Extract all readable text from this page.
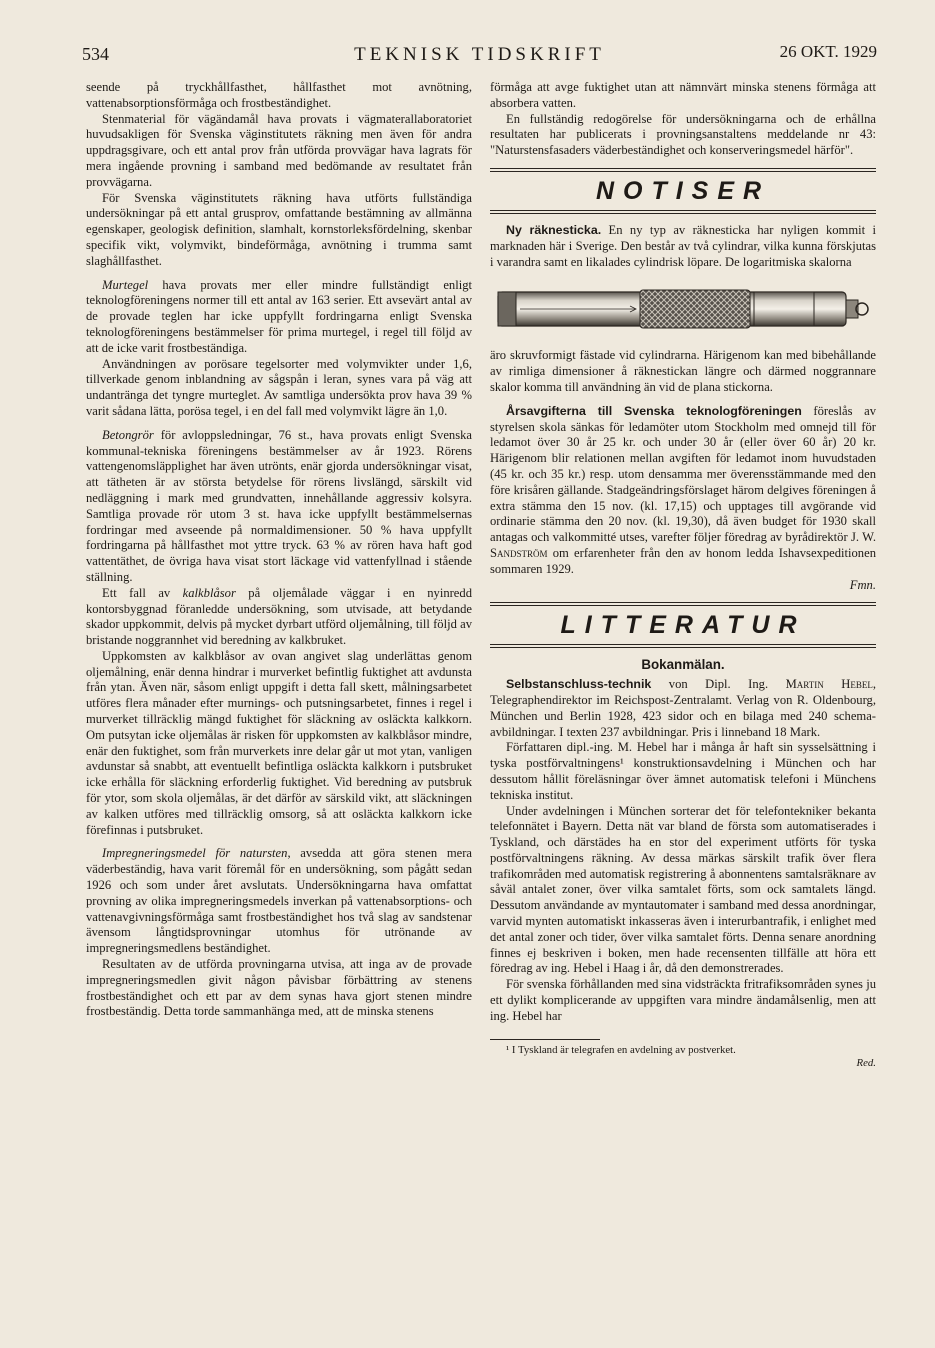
534	TEKNISK TIDSKRIFT	26 OKT. 1929

seende på tryckhållfasthet, hållfasthet mot avnötning, vattenabsorptionsförmåga och frostbeständighet.

Stenmaterial för vägändamål hava provats i vägmaterallaboratoriet huvudsakligen för Svenska väginstitutets räkning men även för andra uppdragsgivare, och ett antal prov från utförda provvägar hava lagrats för mera ingående provning i samband med bedömande av resultatet från provvägarna.

För Svenska väginstitutets räkning hava utförts fullständiga undersökningar på ett antal grusprov, omfattande bestämning av allmänna egenskaper, geologisk definition, slamhalt, kornstorleksfördelning, skenbar specifik vikt, volymvikt, bindeförmåga, avnötning i trumma samt slaghållfasthet.

Murtegel hava provats mer eller mindre fullständigt enligt teknologföreningens normer till ett antal av 163 serier. Ett avsevärt antal av de provade teglen har icke uppfyllt fordringarna enligt Svenska teknologföreningens bestämmelser för prima murtegel, i regel till följd av att de icke varit frostbeständiga.

Användningen av porösare tegelsorter med volymvikter under 1,6, tillverkade genom inblandning av sågspån i leran, synes vara på väg att undantränga det tyngre murteglet. Av samtliga undersökta prov hava 39 % varit sådana lätta, porösa tegel, i en del fall med volymvikt lägre än 1,0.

Betongrör för avloppsledningar, 76 st., hava provats enligt Svenska kommunal-tekniska föreningens bestämmelser av år 1923. Rörens vattengenomsläpplighet har även utrönts, enär gjorda undersökningar visat, att tätheten är av största betydelse för rörens livslängd, särskilt vid nedläggning i mark med grundvatten, innehållande aggressiv kolsyra. Samtliga provade rör utom 3 st. hava icke uppfyllt bestämmelsernas fordringar med avseende på normaldimensioner. 50 % hava uppfyllt fordringarna på hållfasthet mot yttre tryck. 63 % av rören hava haft god vattentäthet, de övriga hava visat stort läckage vid vattenfyllnad i stående ställning.

Ett fall av kalkblåsor på oljemålade väggar i en nyinredd kontorsbyggnad föranledde undersökning, som utvisade, att betydande skador uppkommit, delvis på mycket dyrbart utförd oljemålning, till följd av bristande noggrannhet vid beredning av kalkbruket.

Uppkomsten av kalkblåsor av ovan angivet slag underlättas genom oljemålning, enär denna hindrar i murverket befintlig fuktighet att avdunsta från ytan. Även när, såsom enligt uppgift i detta fall skett, målningsarbetet utföres flera månader efter murnings- och putsningsarbetet, finnes i regel i murverket tillräcklig mängd fuktighet för släckning av osläckta kalkkorn. Om putsytan icke oljemålas är risken för uppkomsten av kalkblåsor mindre, enär den fuktighet, som från murverkets inre delar går ut mot ytan, vanligen avdunstar så snabbt, att eventuellt befintliga osläckta kalkkorn i putsbruket icke erhålla för släckning erforderlig fuktighet. Vid beredning av putsbruk för ytor, som skola oljemålas, är det därför av särskild vikt, att släckningen av kalken utföres med tillräcklig omsorg, så att osläckta kalkkorn icke förefinnas i putsbruket.

Impregneringsmedel för natursten, avsedda att göra stenen mera väderbeständig, hava varit föremål för en undersökning, som pågått sedan 1926 och som under året avslutats. Undersökningarna hava omfattat provning av olika impregneringsmedels inverkan på vattenabsorptions- och vattenavgivningsförmåga samt frostbeständighet hos två slag av sandstenar ävensom långtidsprovningar utomhus för utrönande av impregneringsmedlens beständighet.

Resultaten av de utförda provningarna utvisa, att inga av de provade impregneringsmedlen givit någon påvisbar förbättring av stenens frostbeständighet och ett par av dem synas hava gjort stenen mindre frostbeständig. Detta torde sammanhänga med, att de minska stenens

förmåga att avge fuktighet utan att nämnvärt minska stenens förmåga att absorbera vatten.

En fullständig redogörelse för undersökningarna och de erhållna resultaten har publicerats i provningsanstaltens meddelande nr 43: "Naturstensfasaders väderbeständighet och konserveringsmedel härför".

NOTISER

Ny räknesticka. En ny typ av räknesticka har nyligen kommit i marknaden här i Sverige. Den består av två cylindrar, vilka kunna förskjutas i varandra samt en likalades cylindrisk löpare. De logaritmiska skalorna

äro skruvformigt fästade vid cylindrarna. Härigenom kan med bibehållande av rimliga dimensioner å räknestickan längre och därmed noggrannare skalor komma till användning än vid de plana stickorna.

Årsavgifterna till Svenska teknologföreningen föreslås av styrelsen skola sänkas för ledamöter utom Stockholm med omnejd till för ledamot över 30 år 25 kr. och under 30 år (eller över 60 år) 20 kr. Härigenom blir relationen mellan avgiften för ledamot inom huvudstaden (45 kr. och 35 kr.) resp. utom densamma mer överensstämmande med den före krisåren gällande. Stadgeändringsförslaget härom delgives föreningen å extra stämma den 15 nov. (kl. 17,15) och upptages till avgörande vid ordinarie stämma den 20 nov. (kl. 19,30), då även budget för 1930 skall antagas och valkommitté utses, varefter följer föredrag av byrådirektör J. W. Sandström om erfarenheter från den av honom ledda Ishavsexpeditionen sommaren 1929.
Fmn.

LITTERATUR
Bokanmälan.

Selbstanschluss-technik von Dipl. Ing. Martin Hebel, Telegraphendirektor im Reichspost-Zentralamt. Verlag von R. Oldenbourg, München und Berlin 1928, 423 sidor och en bilaga med 240 schema-avbildningar. I texten 237 avbildningar. Pris i linneband 18 Mark.

Författaren dipl.-ing. M. Hebel har i många år haft sin sysselsättning i tyska postförvaltningens¹ konstruktionsavdelning i München och har dessutom hållit föreläsningar över ämnet automatisk telefoni i Münchens tekniska institut.

Under avdelningen i München sorterar det för telefontekniker bekanta telefonnätet i Bayern. Detta nät var bland de första som automatiserades i Tyskland, och därstädes ha en stor del experiment utförts för tyska postförvaltningens räkning. Av dessa märkas särskilt trafik över flera trafikområden med automatisk registrering å abonnentens samtalsräknare av såväl antalet zoner, över vilka samtalet förts, som ock samtalets längd. Dessutom användande av myntautomater i samband med dessa anordningar, varvid mynten automatiskt inkasseras även i interurbantrafik, i enlighet med det antal zoner och tider, över vilka samtalet förts. Denna senare anordning finnes ej beskriven i boken, men hade recensenten tillfälle att höra ett föredrag av ing. Hebel i Haag i år, då den demonstrerades.

För svenska förhållanden med sina vidsträckta fritrafiksområden synes ju ett dylikt komplicerande av uppgiften vara mindre ändamålsenlig, men att ing. Hebel har

¹ I Tyskland är telegrafen en avdelning av postverket.
Red.
